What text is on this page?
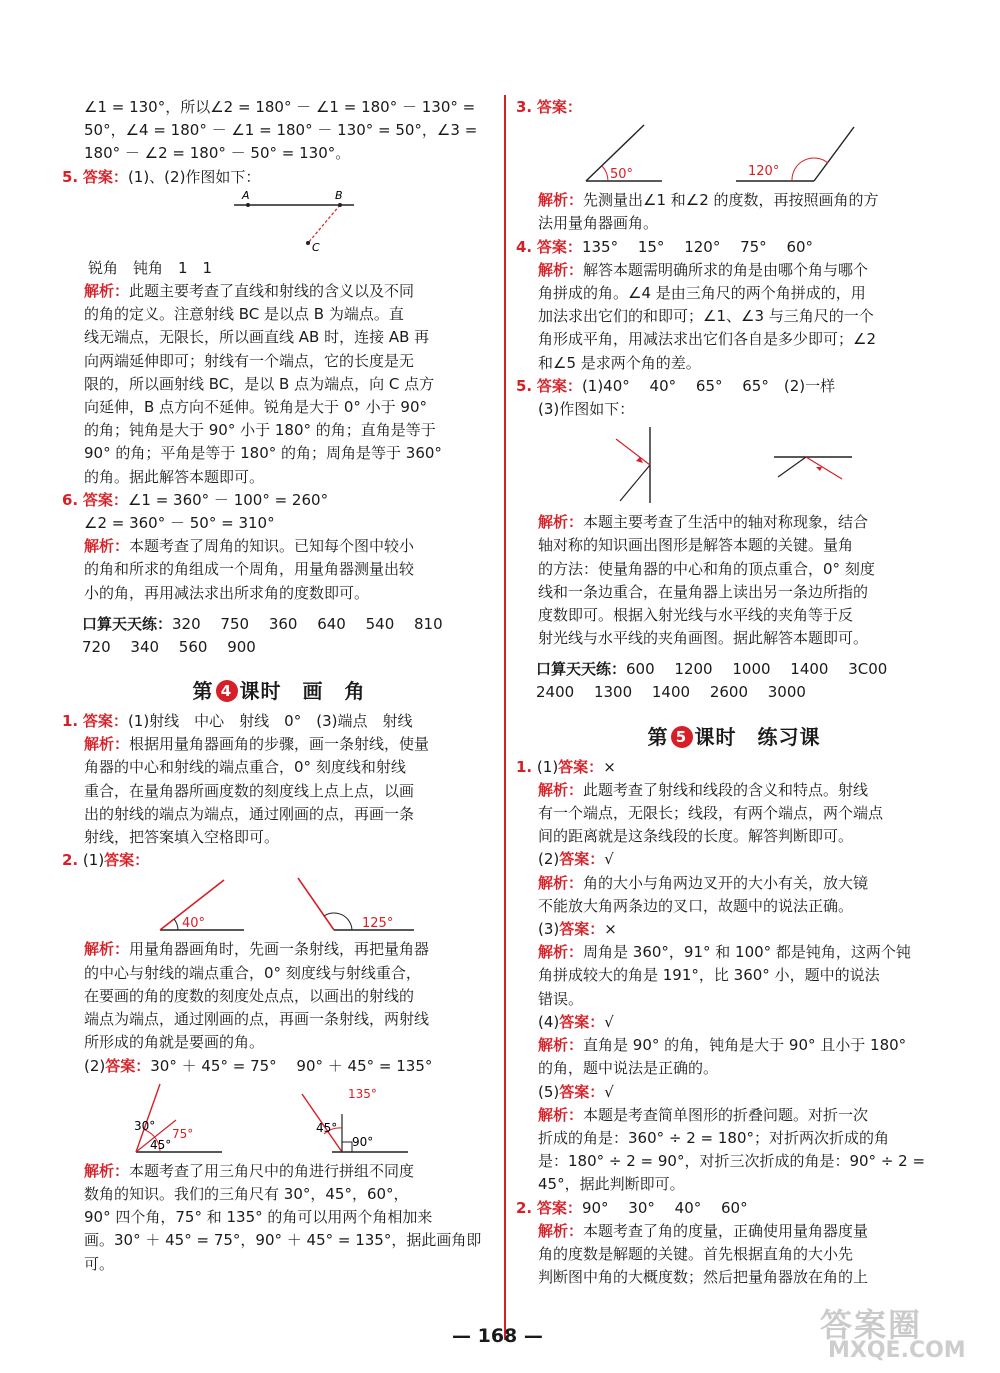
∠1 = 130°，所以∠2 = 180° － ∠1 = 180° － 130° =

50°，∠4 = 180° － ∠1 = 180° － 130° = 50°，∠3 =

180° － ∠2 = 180° － 50° = 130°。

5. 答案：(1)、(2)作图如下：

A	B
C

锐角　钝角　1　1

解析：此题主要考查了直线和射线的含义以及不同

的角的定义。注意射线 BC 是以点 B 为端点。直

线无端点，无限长，所以画直线 AB 时，连接 AB 再

向两端延伸即可；射线有一个端点，它的长度是无

限的，所以画射线 BC，是以 B 点为端点，向 C 点方

向延伸，B 点方向不延伸。锐角是大于 0° 小于 90°

的角；钝角是大于 90° 小于 180° 的角；直角是等于

90° 的角；平角是等于 180° 的角；周角是等于 360°

的角。据此解答本题即可。

6. 答案：∠1 = 360° － 100° = 260°

∠2 = 360° － 50° = 310°

解析：本题考查了周角的知识。已知每个图中较小

的角和所求的角组成一个周角，用量角器测量出较

小的角，再用减法求出所求角的度数即可。

口算天天练：320　 750　 360　 640　 540　 810

720　 340　 560　 900

第 4 课时　画　角

1. 答案：(1)射线　中心　射线　0°　(3)端点　射线

解析：根据用量角器画角的步骤，画一条射线，使量

角器的中心和射线的端点重合，0° 刻度线和射线

重合，在量角器所画度数的刻度线上点上点，以画

出的射线的端点为端点，通过刚画的点，再画一条

射线，把答案填入空格即可。

2. (1)答案：

40°	125°

解析：用量角器画角时，先画一条射线，再把量角器

的中心与射线的端点重合，0° 刻度线与射线重合，

在要画的角的度数的刻度处点点，以画出的射线的

端点为端点，通过刚画的点，再画一条射线，两射线

所形成的角就是要画的角。

(2)答案：30° ＋ 45° = 75°　 90° ＋ 45° = 135°

30°
75°
45°
45°
135°
90°

解析：本题考查了用三角尺中的角进行拼组不同度

数角的知识。我们的三角尺有 30°，45°，60°，

90° 四个角，75° 和 135° 的角可以用两个角相加来

画。30° ＋ 45° = 75°，90° ＋ 45° = 135°，据此画角即

可。

3. 答案：

50°	120°

解析：先测量出∠1 和∠2 的度数，再按照画角的方

法用量角器画角。

4. 答案：135°　 15°　 120°　 75°　 60°

解析：解答本题需明确所求的角是由哪个角与哪个

角拼成的角。∠4 是由三角尺的两个角拼成的，用

加法求出它们的和即可；∠1、∠3 与三角尺的一个

角形成平角，用减法求出它们各自是多少即可；∠2

和∠5 是求两个角的差。

5. 答案：(1)40°　 40°　 65°　 65°　(2)一样

(3)作图如下：

解析：本题主要考查了生活中的轴对称现象，结合

轴对称的知识画出图形是解答本题的关键。量角

的方法：使量角器的中心和角的顶点重合，0° 刻度

线和一条边重合，在量角器上读出另一条边所指的

度数即可。根据入射光线与水平线的夹角等于反

射光线与水平线的夹角画图。据此解答本题即可。

口算天天练：600　 1200　 1000　 1400　 3C00

2400　 1300　 1400　 2600　 3000

第 5 课时　练习课

1. (1)答案：×

解析：此题考查了射线和线段的含义和特点。射线

有一个端点，无限长；线段，有两个端点，两个端点

间的距离就是这条线段的长度。解答判断即可。

(2)答案：√

解析：角的大小与角两边叉开的大小有关，放大镜

不能放大角两条边的叉口，故题中的说法正确。

(3)答案：×

解析：周角是 360°，91° 和 100° 都是钝角，这两个钝

角拼成较大的角是 191°，比 360° 小，题中的说法

错误。

(4)答案：√

解析：直角是 90° 的角，钝角是大于 90° 且小于 180°

的角，题中说法是正确的。

(5)答案：√

解析：本题是考查简单图形的折叠问题。对折一次

折成的角是：360° ÷ 2 = 180°；对折两次折成的角

是：180° ÷ 2 = 90°，对折三次折成的角是：90° ÷ 2 =

45°，据此判断即可。

2. 答案：90°　 30°　 40°　 60°

解析：本题考查了角的度量，正确使用量角器度量

角的度数是解题的关键。首先根据直角的大小先

判断图中角的大概度数；然后把量角器放在角的上

— 168 —	答案圈
MXQE.COM
